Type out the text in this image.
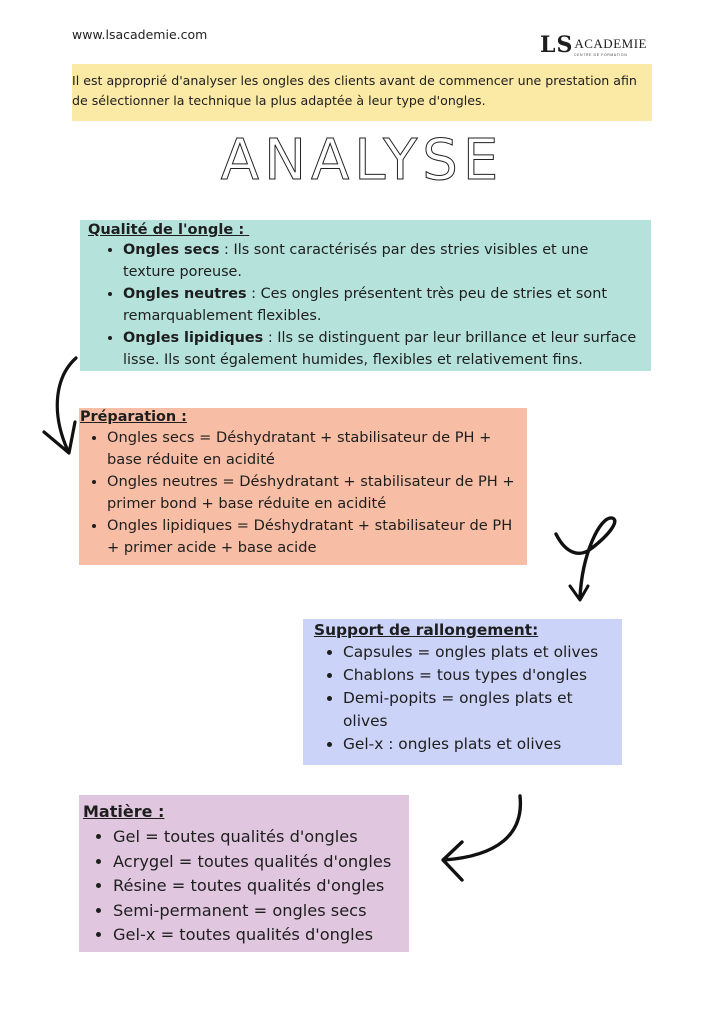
www.lsacademie.com	$LS^{ACADEMIE}$
CENTRE DE FORMATION
Il est approprié d'analyser les ongles des clients avant de commencer une prestation afin de sélectionner la technique la plus adaptée à leur type d'ongles.
ANALYSE
Qualité de l'ongle :
• Ongles secs : Ils sont caractérisés par des stries visibles et une texture poreuse.
• Ongles neutres : Ces ongles présentent très peu de stries et sont remarquablement flexibles.
• Ongles lipidiques : Ils se distinguent par leur brillance et leur surface lisse. Ils sont également humides, flexibles et relativement fins.
Préparation :
• Ongles secs = Déshydratant + stabilisateur de PH + base réduite en acidité
• Ongles neutres = Déshydratant + stabilisateur de PH + primer bond + base réduite en acidité
• Ongles lipidiques = Déshydratant + stabilisateur de PH + primer acide + base acide
Support de rallongement:
• Capsules = ongles plats et olives
• Chablons = tous types d'ongles
• Demi-popits = ongles plats et olives
• Gel-x : ongles plats et olives
Matière :
• Gel = toutes qualités d'ongles
• Acrygel = toutes qualités d'ongles
• Résine = toutes qualités d'ongles
• Semi-permanent = ongles secs
• Gel-x = toutes qualités d'ongles
